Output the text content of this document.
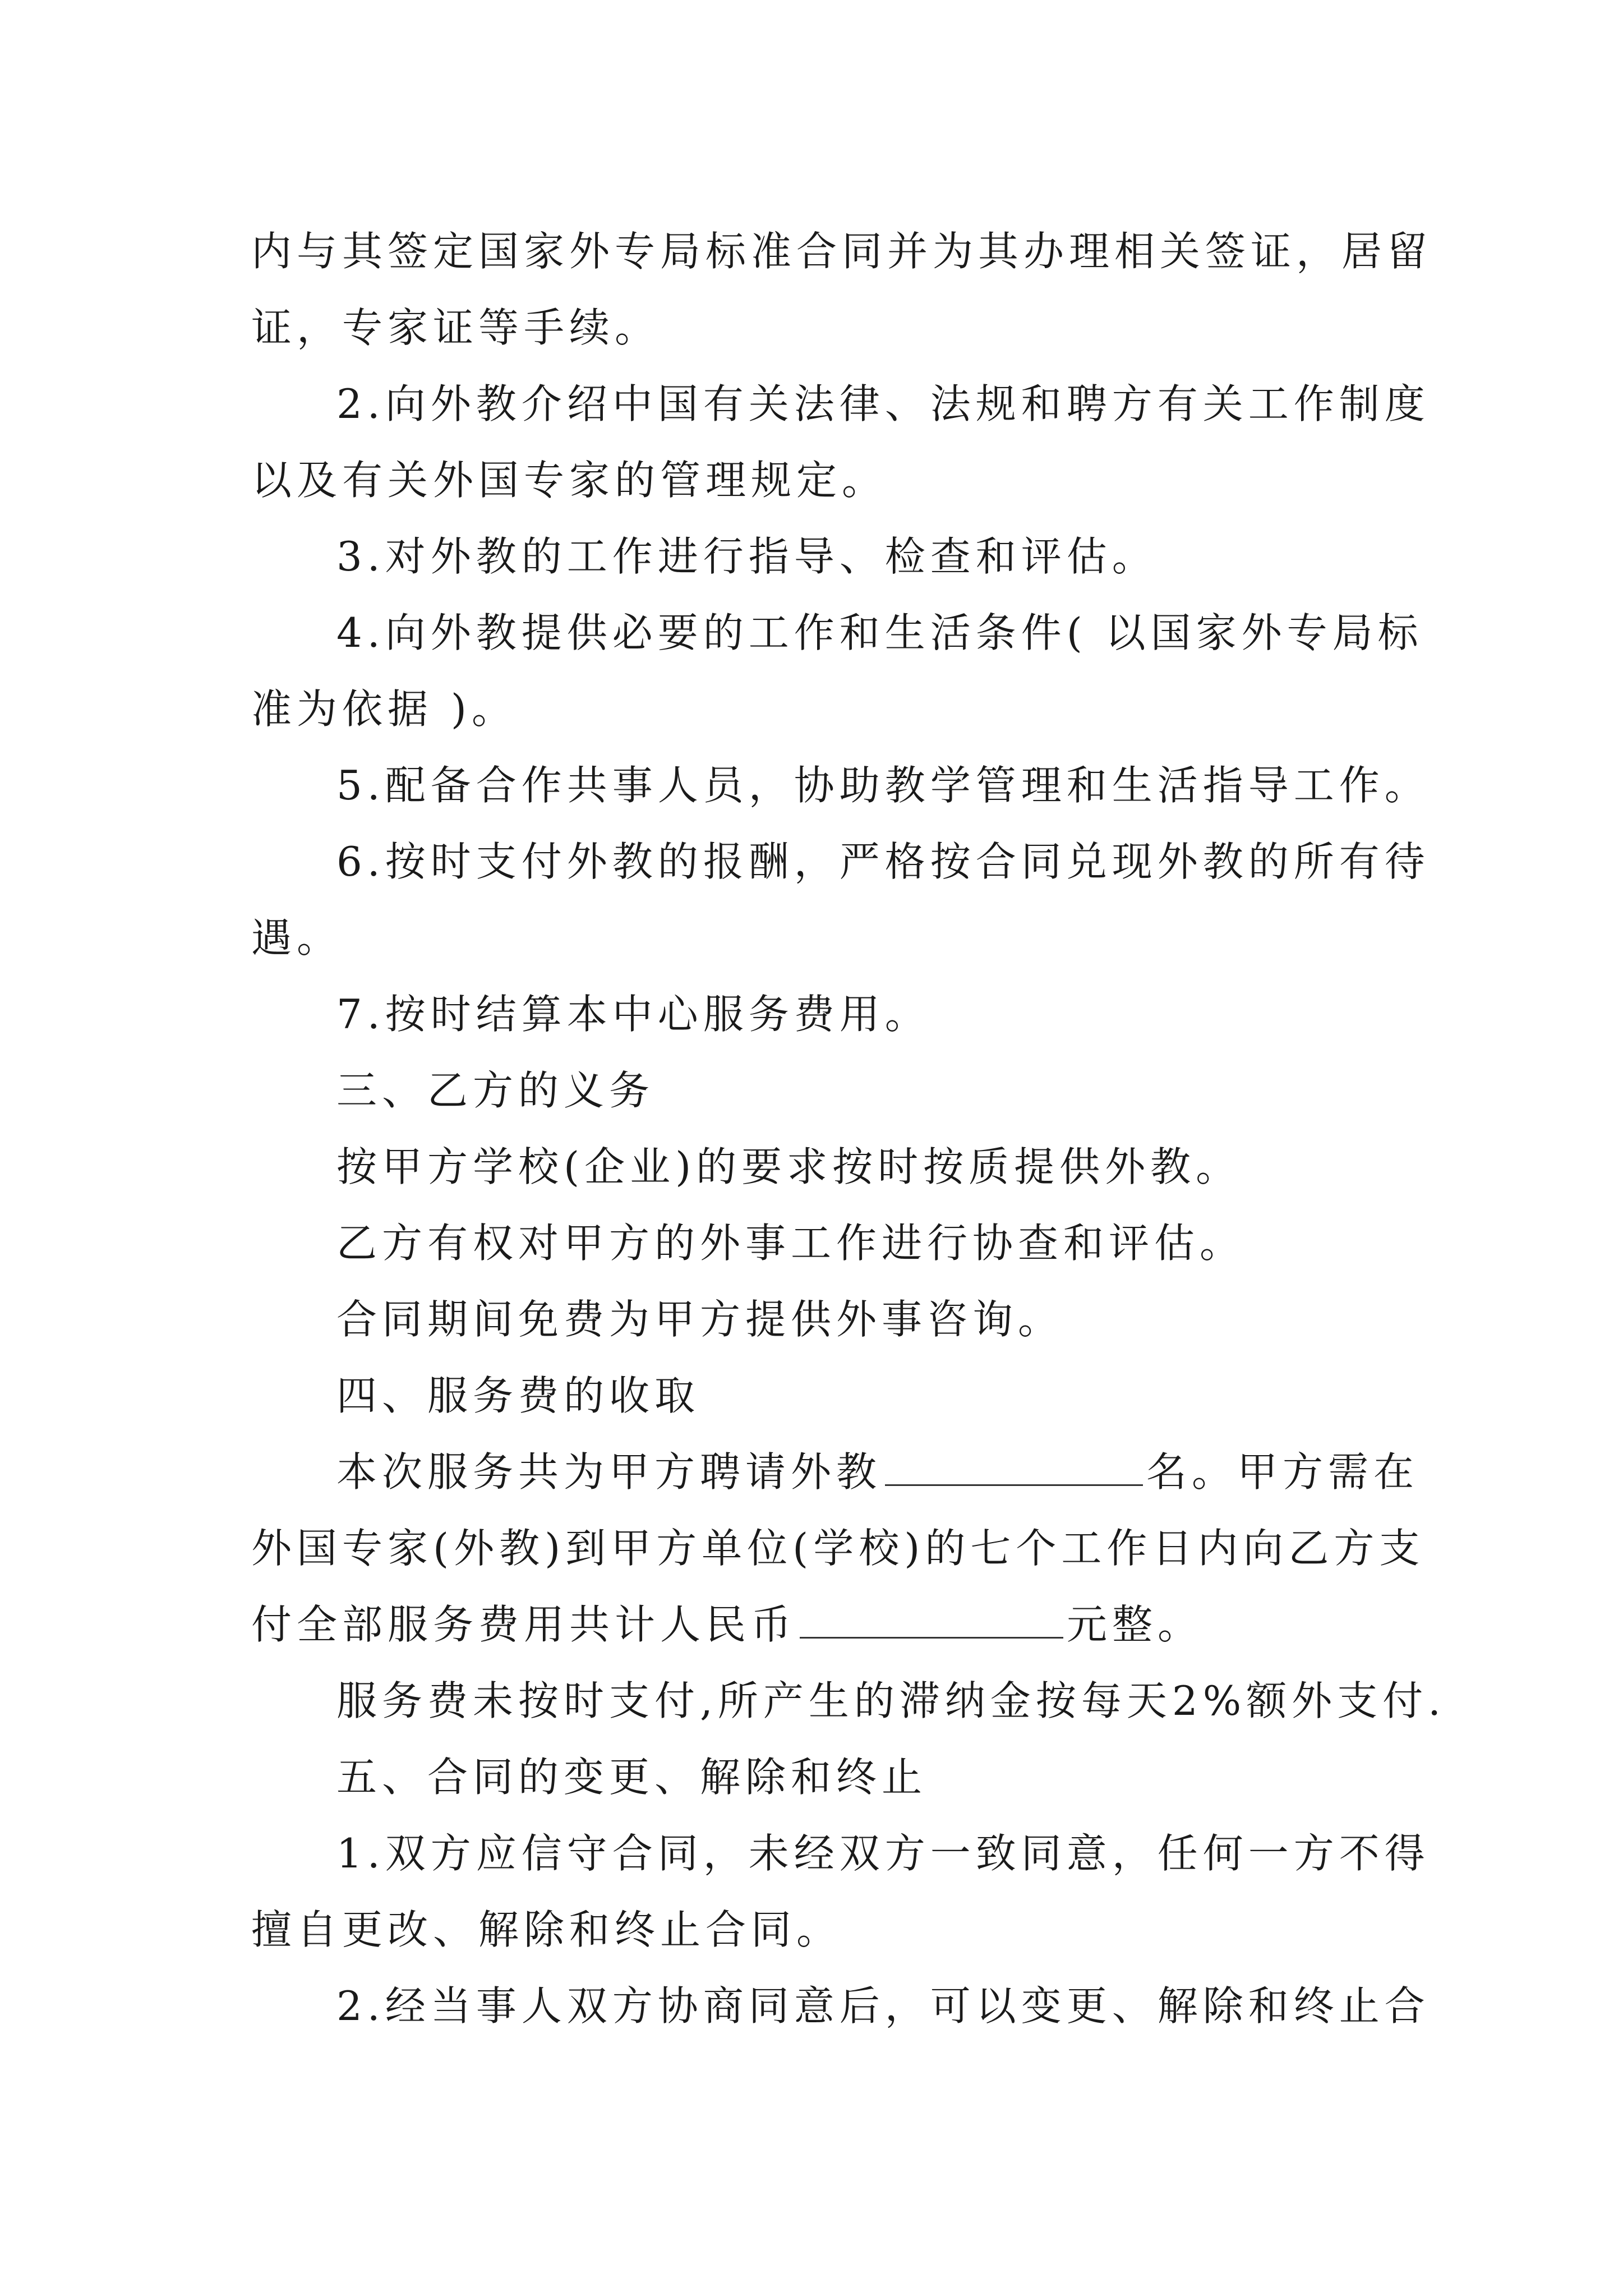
内与其签定国家外专局标准合同并为其办理相关签证，居留

证，专家证等手续。

2.向外教介绍中国有关法律、法规和聘方有关工作制度

以及有关外国专家的管理规定。

3.对外教的工作进行指导、检查和评估。

4.向外教提供必要的工作和生活条件( 以国家外专局标

准为依据 )。

5.配备合作共事人员，协助教学管理和生活指导工作。

6.按时支付外教的报酬，严格按合同兑现外教的所有待

遇。

7.按时结算本中心服务费用。

三、乙方的义务

按甲方学校(企业)的要求按时按质提供外教。

乙方有权对甲方的外事工作进行协查和评估。

合同期间免费为甲方提供外事咨询。

四、服务费的收取

本次服务共为甲方聘请外教	名。甲方需在

外国专家(外教)到甲方单位(学校)的七个工作日内向乙方支

付全部服务费用共计人民币	元整。

服务费未按时支付,所产生的滞纳金按每天2%额外支付.

五、合同的变更、解除和终止

1.双方应信守合同，未经双方一致同意，任何一方不得

擅自更改、解除和终止合同。

2.经当事人双方协商同意后，可以变更、解除和终止合
